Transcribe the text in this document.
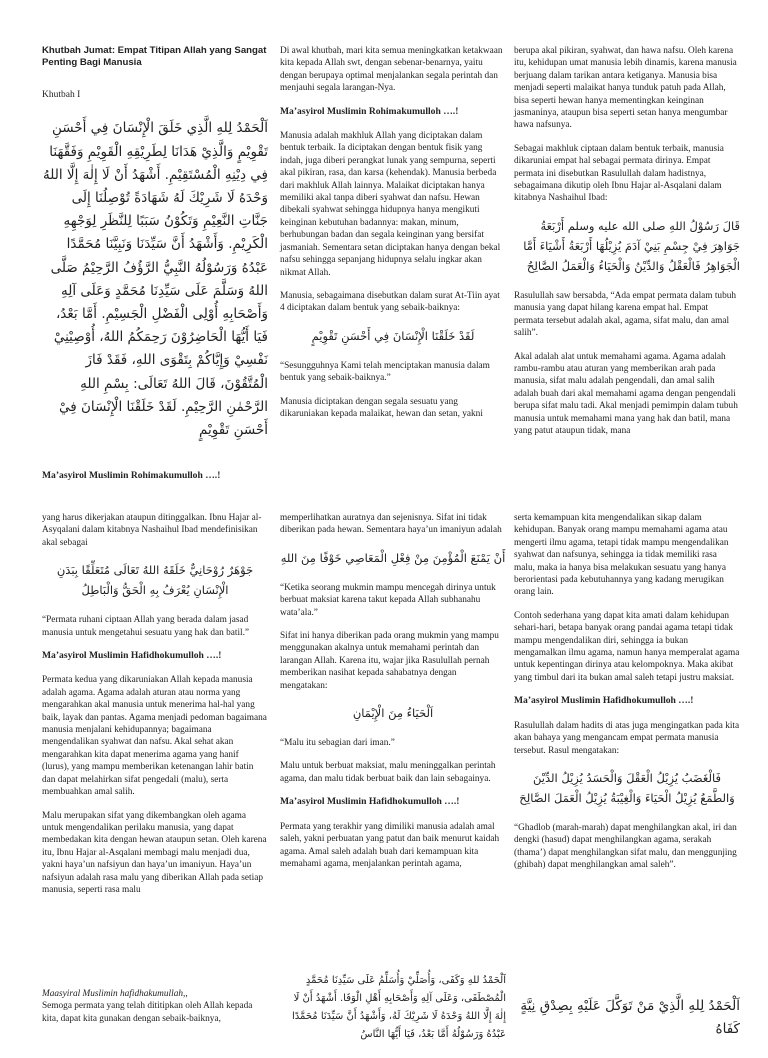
Khutbah Jumat: Empat Titipan Allah yang Sangat Penting Bagi Manusia
Khutbah I
اَلْحَمْدُ لِلهِ الَّذِي خَلَقَ الْإِنْسَانَ فِي أَحْسَنِ تَقْوِيْمٍ وَالَّذِيْ هَدَانَا لِطَرِيْقِهِ الْقَوِيْمِ وَفَقَّهَنَا فِي دِيْنِهِ الْمُسْتَقِيْمِ. أَشْهَدُ أَنْ لَا إِلٰهَ إِلَّا اللهُ وَحْدَهُ لَا شَرِيْكَ لَهُ شَهَادَةً تُوْصِلُنَا إِلَى جَنَّاتِ النَّعِيْمِ وَتَكُوْنُ سَبَبًا لِلنَّظَرِ لِوَجْهِهِ الْكَرِيْمِ. وَأَشْهَدُ أَنَّ سَيِّدَنَا وَنَبِيَّنَا مُحَمَّدًا عَبْدُهُ وَرَسُوْلُهُ النَّبِيُّ الرَّؤُفُ الرَّحِيْمُ صَلَّى اللهُ وَسَلَّمَ عَلَى سَيِّدِنَا مُحَمَّدٍ وَعَلَى آلِهِ وَأَصْحَابِهِ أُوْلِى الْفَضْلِ الْجَسِيْمِ. أَمَّا بَعْدُ، فَيَا أَيُّهَا الْحَاضِرُوْنَ رَحِمَكُمُ اللهُ، أُوْصِيْنِيْ نَفْسِيْ وَإِيَّاكُمْ بِتَقْوَى اللهِ، فَقَدْ فَازَ الْمُتَّقُوْنَ، قَالَ اللهُ تَعَالَى: بِسْمِ اللهِ الرَّحْمٰنِ الرَّحِيْمِ. لَقَدْ خَلَقْنَا الْإِنْسَانَ فِيْ أَحْسَنِ تَقْوِيْمٍ
Ma’asyirol Muslimin Rohimakumulloh ….!

Di awal khutbah, mari kita semua meningkatkan ketakwaan kita kepada Allah swt, dengan sebenar-benarnya, yaitu dengan berupaya optimal menjalankan segala perintah dan menjauhi segala larangan-Nya.

Ma’asyirol Muslimin Rohimakumulloh ….!

Manusia adalah makhluk Allah yang diciptakan dalam bentuk terbaik. Ia diciptakan dengan bentuk fisik yang indah, juga diberi perangkat lunak yang sempurna, seperti akal pikiran, rasa, dan karsa (kehendak). Manusia berbeda dari makhluk Allah lainnya. Malaikat diciptakan hanya memiliki akal tanpa diberi syahwat dan nafsu. Hewan dibekali syahwat sehingga hidupnya hanya mengikuti keinginan kebutuhan badannya: makan, minum, berhubungan badan dan segala keinginan yang bersifat jasmaniah. Sementara setan diciptakan hanya dengan bekal nafsu sehingga sepanjang hidupnya selalu ingkar akan nikmat Allah.

Manusia, sebagaimana disebutkan dalam surat At-Tiin ayat 4 diciptakan dalam bentuk yang sebaik-baiknya:

لَقَدْ خَلَقْنَا الْإِنْسَانَ فِي أَحْسَنِ تَقْوِيْمٍ

“Sesungguhnya Kami telah menciptakan manusia dalam bentuk yang sebaik-baiknya.”

Manusia diciptakan dengan segala sesuatu yang dikaruniakan kepada malaikat, hewan dan setan, yakni

berupa akal pikiran, syahwat, dan hawa nafsu. Oleh karena itu, kehidupan umat manusia lebih dinamis, karena manusia berjuang dalam tarikan antara ketiganya. Manusia bisa menjadi seperti malaikat hanya tunduk patuh pada Allah, bisa seperti hewan hanya mementingkan keinginan jasmaninya, ataupun bisa seperti setan hanya mengumbar hawa nafsunya.

Sebagai makhluk ciptaan dalam bentuk terbaik, manusia dikaruniai empat hal sebagai permata dirinya. Empat permata ini disebutkan Rasulullah dalam hadistnya, sebagaimana dikutip oleh Ibnu Hajar al-Asqalani dalam kitabnya Nashaihul Ibad:

قَالَ رَسُوْلُ اللهِ صلى الله عليه وسلم أَرْبَعَةُ جَوَاهِرَ فِيْ جِسْمِ بَنِيْ آدَمَ يُزِيْلُهَا أَرْبَعَةُ أَشْيَاءَ أَمَّا الْجَوَاهِرُ فَالْعَقْلُ وَالدِّيْنُ وَالْحَيَاءُ وَالْعَمَلُ الصَّالِحُ

Rasulullah saw bersabda, “Ada empat permata dalam tubuh manusia yang dapat hilang karena empat hal. Empat permata tersebut adalah akal, agama, sifat malu, dan amal salih”.

Akal adalah alat untuk memahami agama. Agama adalah rambu-rambu atau aturan yang memberikan arah pada manusia, sifat malu adalah pengendali, dan amal salih adalah buah dari akal memahami agama dengan pengendali berupa sifat malu tadi. Akal menjadi pemimpin dalam tubuh manusia untuk memahami mana yang hak dan batil, mana yang patut ataupun tidak, mana

yang harus dikerjakan ataupun ditinggalkan. Ibnu Hajar al-Asyqalani dalam kitabnya Nashaihul Ibad mendefinisikan akal sebagai

جَوْهَرٌ رُوْحَانِيٌّ خَلَقَهُ اللهُ تَعَالَى مُتَعَلِّقًا بِبَدَنِ الْإِنْسَانِ يُعْرَفُ بِهِ الْحَقُّ وَالْبَاطِلُ

“Permata ruhani ciptaan Allah yang berada dalam jasad manusia untuk mengetahui sesuatu yang hak dan batil.”

Ma’asyirol Muslimin Hafidhokumulloh ….!

Permata kedua yang dikaruniakan Allah kepada manusia adalah agama. Agama adalah aturan atau norma yang mengarahkan akal manusia untuk menerima hal-hal yang baik, layak dan pantas. Agama menjadi pedoman bagaimana manusia menjalani kehidupannya; bagaimana mengendalikan syahwat dan nafsu. Akal sehat akan mengarahkan kita dapat menerima agama yang hanif (lurus), yang mampu memberikan ketenangan lahir batin dan dapat melahirkan sifat pengedali (malu), serta membuahkan amal salih.

Malu merupakan sifat yang dikembangkan oleh agama untuk mengendalikan perilaku manusia, yang dapat membedakan kita dengan hewan ataupun setan. Oleh karena itu, Ibnu Hajar al-Asqalani membagi malu menjadi dua, yakni haya’un nafsiyun dan haya’un imaniyun. Haya’un nafsiyun adalah rasa malu yang diberikan Allah pada setiap manusia, seperti rasa malu

memperlihatkan auratnya dan sejenisnya. Sifat ini tidak diberikan pada hewan. Sementara haya’un imaniyun adalah

أَنْ يَمْنَعَ الْمُؤْمِنَ مِنْ فِعْلِ الْمَعَاصِي خَوْفًا مِنَ اللهِ

“Ketika seorang mukmin mampu mencegah dirinya untuk berbuat maksiat karena takut kepada Allah subhanahu wata’ala.”

Sifat ini hanya diberikan pada orang mukmin yang mampu menggunakan akalnya untuk memahami perintah dan larangan Allah. Karena itu, wajar jika Rasulullah pernah memberikan nasihat kepada sahabatnya dengan mengatakan:

اَلْحَيَاءُ مِنَ الْإِيْمَانِ

“Malu itu sebagian dari iman.”

Malu untuk berbuat maksiat, malu meninggalkan perintah agama, dan malu tidak berbuat baik dan lain sebagainya.

Ma’asyirol Muslimin Hafidhokumulloh ….!

Permata yang terakhir yang dimiliki manusia adalah amal saleh, yakni perbuatan yang patut dan baik menurut kaidah agama. Amal saleh adalah buah dari kemampuan kita memahami agama, menjalankan perintah agama,

serta kemampuan kita mengendalikan sikap dalam kehidupan. Banyak orang mampu memahami agama atau mengerti ilmu agama, tetapi tidak mampu mengendalikan syahwat dan nafsunya, sehingga ia tidak memiliki rasa malu, maka ia hanya bisa melakukan sesuatu yang hanya berorientasi pada kebutuhannya yang kadang merugikan orang lain.

Contoh sederhana yang dapat kita amati dalam kehidupan sehari-hari, betapa banyak orang pandai agama tetapi tidak mampu mengendalikan diri, sehingga ia bukan mengamalkan ilmu agama, namun hanya memperalat agama untuk kepentingan dirinya atau kelompoknya. Maka akibat yang timbul dari ita bukan amal saleh tetapi justru maksiat.

Ma’asyirol Muslimin Hafidhokumulloh ….!

Rasulullah dalam hadits di atas juga mengingatkan pada kita akan bahaya yang mengancam empat permata manusia tersebut. Rasul mengatakan:

فَالْغَضَبُ يُزِيْلُ الْعَقْلَ وَالْحَسَدُ يُزِيْلُ الدِّيْنَ وَالطَّمَعُ يُزِيْلُ الْحَيَاءَ وَالْغِيْبَةُ يُزِيْلُ الْعَمَلَ الصَّالِحَ

“Ghadlob (marah-marah) dapat menghilangkan akal, iri dan dengki (hasud) dapat menghilangkan agama, serakah (thama’) dapat menghilangkan sifat malu, dan menggunjing (ghibah) dapat menghilangkan amal saleh”.

Maasyiral Muslimin hafidhakumullah,,

Semoga permata yang telah dititipkan oleh Allah kepada kita, dapat kita gunakan dengan sebaik-baiknya,

اَلْحَمْدُ للهِ وَكَفَى، وَأُصَلِّيْ وَأُسَلِّمُ عَلَى سَيِّدِنَا مُحَمَّدٍ الْمُصْطَفَى، وَعَلَى آلِهِ وَأَصْحَابِهِ أَهْلِ الْوَفَا. أَشْهَدُ أَنْ لَا إِلٰهَ إِلَّا اللهُ وَحْدَهُ لَا شَرِيْكَ لَهُ، وَأَشْهَدُ أَنَّ سَيِّدَنَا مُحَمَّدًا عَبْدُهُ وَرَسُوْلُهُ أَمَّا بَعْدُ، فَيَا أَيُّهَا النَّاسُ
اَلْحَمْدُ لِلهِ الَّذِيْ مَنْ تَوَكَّلَ عَلَيْهِ بِصِدْقِ نِيَّةٍ كَفَاهُ
